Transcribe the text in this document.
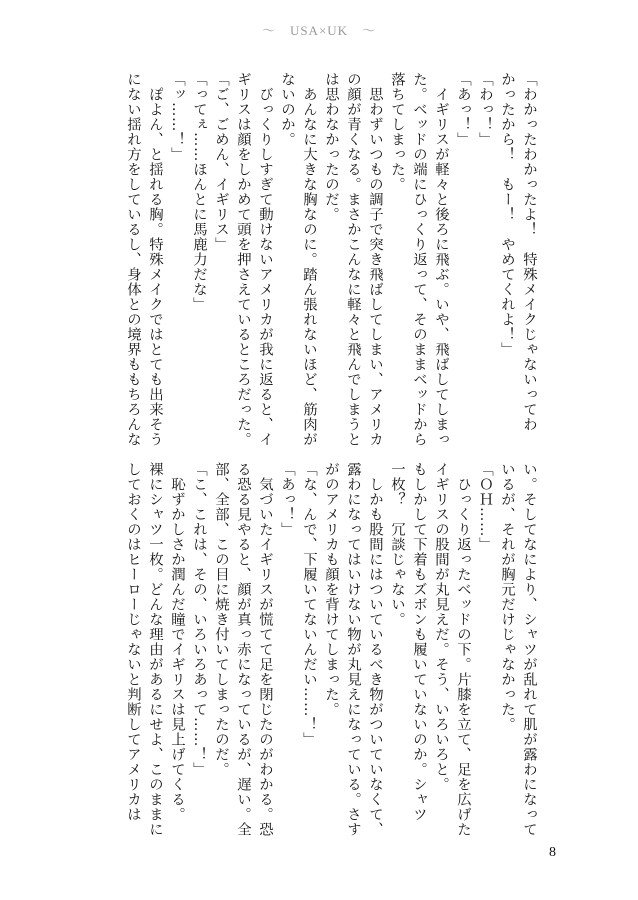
～　USA×UK　～

「わかったわかったよ！　特殊メイクじゃないってわ

かったから！　もー！　やめてくれよ！」

「わっ！」

「あっ！」

　イギリスが軽々と後ろに飛ぶ。いや、飛ばしてしまっ

た。ベッドの端にひっくり返って、そのままベッドから

落ちてしまった。

　思わずいつもの調子で突き飛ばしてしまい、アメリカ

の顔が青くなる。まさかこんなに軽々と飛んでしまうと

は思わなかったのだ。

　あんなに大きな胸なのに。踏ん張れないほど、筋肉が

ないのか。

　びっくりしすぎて動けないアメリカが我に返ると、イ

ギリスは顔をしかめて頭を押さえているところだった。

「ご、ごめん、イギリス」

「ってぇ……ほんとに馬鹿力だな」

「ッ……！」

　ぽよん、と揺れる胸。特殊メイクではとても出来そう

にない揺れ方をしているし、身体との境界ももちろんな

い。そしてなにより、シャツが乱れて肌が露わになって

いるが、それが胸元だけじゃなかった。

「ＯＨ……」

　ひっくり返ったベッドの下。片膝を立て、足を広げた

イギリスの股間が丸見えだ。そう、いろいろと。

もしかして下着もズボンも履いていないのか。シャツ

一枚？　冗談じゃない。

　しかも股間にはついているべき物がついていなくて、

露わになってはいけない物が丸見えになっている。さす

がのアメリカも顔を背けてしまった。

「な、んで、下履いてないんだい……！」

「あっ！」

　気づいたイギリスが慌てて足を閉じたのがわかる。恐

る恐る見やると、顔が真っ赤になっているが、遅い。全

部、全部、この目に焼き付いてしまったのだ。

「こ、これは、その、いろいろあって……！」

　恥ずかしさか潤んだ瞳でイギリスは見上げてくる。

裸にシャツ一枚。どんな理由があるにせよ、このままに

しておくのはヒーローじゃないと判断してアメリカは

8
